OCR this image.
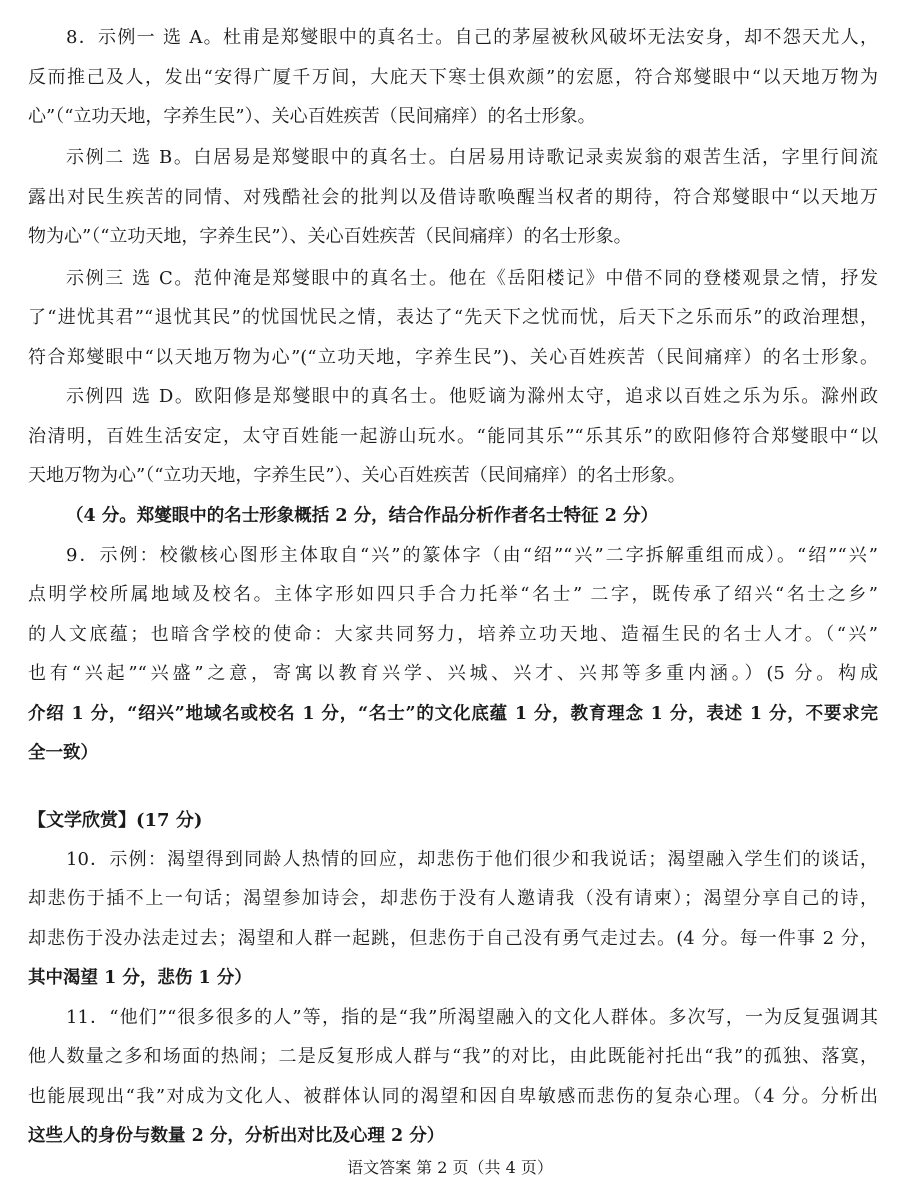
8．示例一 选 A。杜甫是郑燮眼中的真名士。自己的茅屋被秋风破坏无法安身，却不怨天尤人，
反而推己及人，发出“安得广厦千万间，大庇天下寒士俱欢颜”的宏愿，符合郑燮眼中“以天地万物为
心”（“立功天地，字养生民”）、关心百姓疾苦（民间痛痒）的名士形象。
示例二 选 B。白居易是郑燮眼中的真名士。白居易用诗歌记录卖炭翁的艰苦生活，字里行间流
露出对民生疾苦的同情、对残酷社会的批判以及借诗歌唤醒当权者的期待，符合郑燮眼中“以天地万
物为心”（“立功天地，字养生民”）、关心百姓疾苦（民间痛痒）的名士形象。
示例三 选 C。范仲淹是郑燮眼中的真名士。他在《岳阳楼记》中借不同的登楼观景之情，抒发
了“进忧其君”“退忧其民”的忧国忧民之情，表达了“先天下之忧而忧，后天下之乐而乐”的政治理想，
符合郑燮眼中“以天地万物为心”(“立功天地，字养生民”)、关心百姓疾苦（民间痛痒）的名士形象。
示例四 选 D。欧阳修是郑燮眼中的真名士。他贬谪为滁州太守，追求以百姓之乐为乐。滁州政
治清明，百姓生活安定，太守百姓能一起游山玩水。“能同其乐”“乐其乐”的欧阳修符合郑燮眼中“以
天地万物为心”（“立功天地，字养生民”）、关心百姓疾苦（民间痛痒）的名士形象。
（4 分。郑燮眼中的名士形象概括 2 分，结合作品分析作者名士特征 2 分）
9．示例：校徽核心图形主体取自“兴”的篆体字（由“绍”“兴”二字拆解重组而成）。“绍”“兴”
点明学校所属地域及校名。主体字形如四只手合力托举“名士” 二字，既传承了绍兴“名士之乡”
的人文底蕴；也暗含学校的使命：大家共同努力，培养立功天地、造福生民的名士人才。（“兴”
也有“兴起”“兴盛”之意，寄寓以教育兴学、兴城、兴才、兴邦等多重内涵。）(5 分。构成
介绍 1 分，“绍兴”地域名或校名 1 分，“名士”的文化底蕴 1 分，教育理念 1 分，表述 1 分，不要求完
全一致）
【文学欣赏】(17 分)
10．示例：渴望得到同龄人热情的回应，却悲伤于他们很少和我说话；渴望融入学生们的谈话，
却悲伤于插不上一句话；渴望参加诗会，却悲伤于没有人邀请我（没有请柬）；渴望分享自己的诗，
却悲伤于没办法走过去；渴望和人群一起跳，但悲伤于自己没有勇气走过去。(4 分。每一件事 2 分，
其中渴望 1 分，悲伤 1 分）
11．“他们”“很多很多的人”等，指的是“我”所渴望融入的文化人群体。多次写，一为反复强调其
他人数量之多和场面的热闹；二是反复形成人群与“我”的对比，由此既能衬托出“我”的孤独、落寞，
也能展现出“我”对成为文化人、被群体认同的渴望和因自卑敏感而悲伤的复杂心理。（4 分。分析出
这些人的身份与数量 2 分，分析出对比及心理 2 分）
语文答案 第 2 页（共 4 页）
